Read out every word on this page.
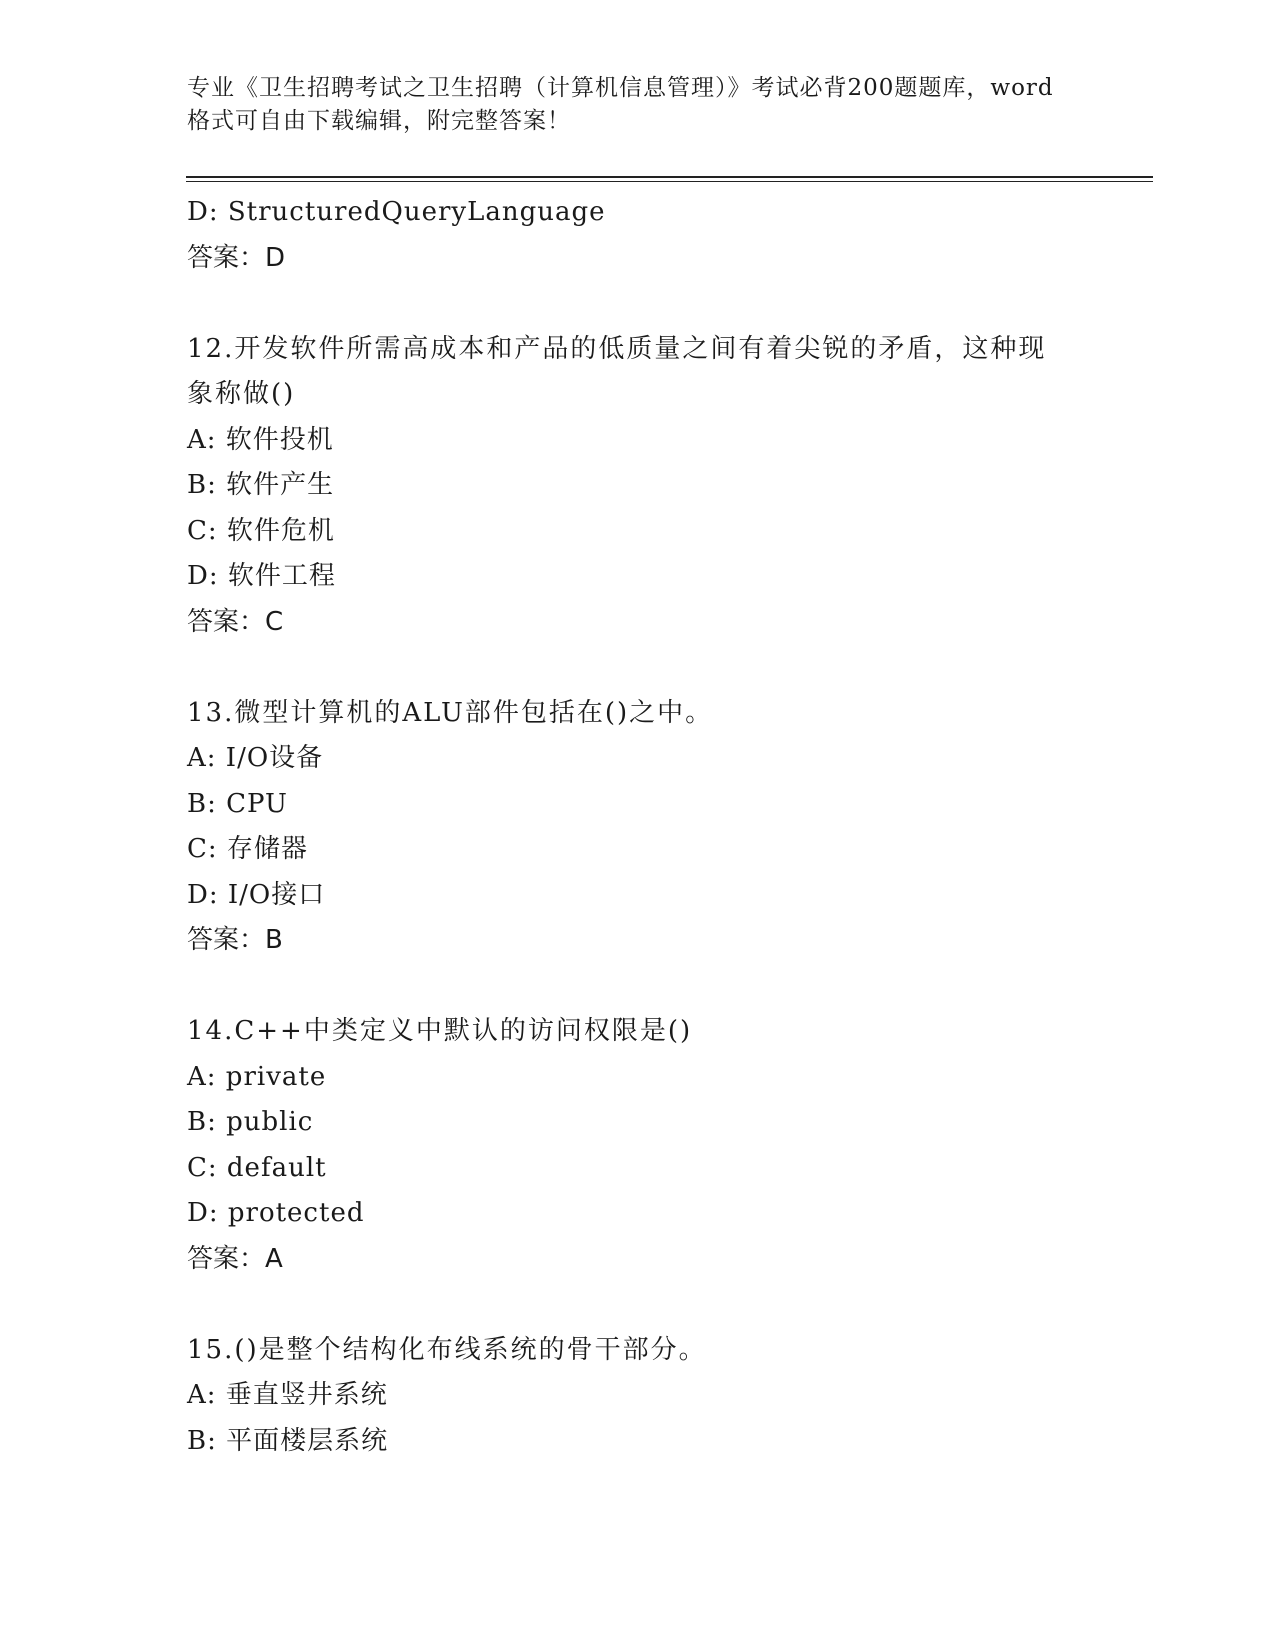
专业《卫生招聘考试之卫生招聘（计算机信息管理）》考试必背200题题库，word
格式可自由下载编辑，附完整答案！
D: StructuredQueryLanguage
答案：D
12.开发软件所需高成本和产品的低质量之间有着尖锐的矛盾，这种现
象称做()
A: 软件投机
B: 软件产生
C: 软件危机
D: 软件工程
答案：C
13.微型计算机的ALU部件包括在()之中。
A: I/O设备
B: CPU
C: 存储器
D: I/O接口
答案：B
14.C++中类定义中默认的访问权限是()
A: private
B: public
C: default
D: protected
答案：A
15.()是整个结构化布线系统的骨干部分。
A: 垂直竖井系统
B: 平面楼层系统
